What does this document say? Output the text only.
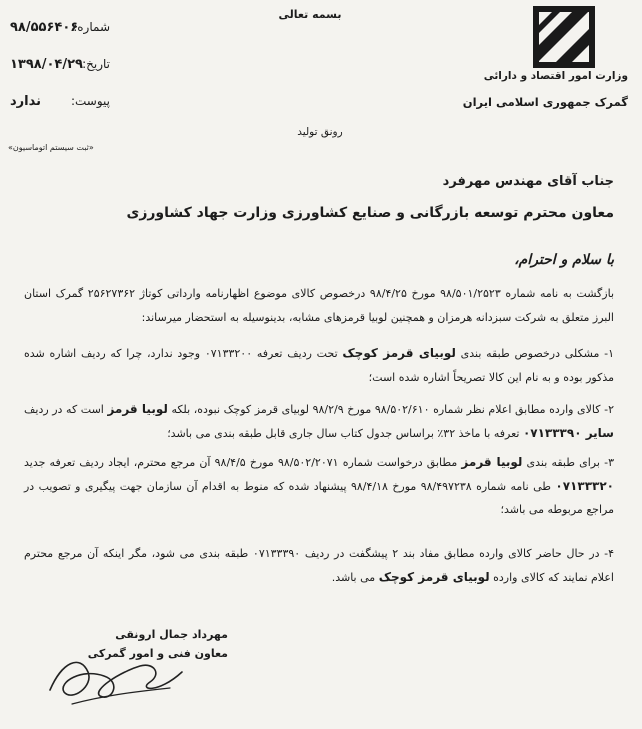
بسمه تعالی
وزارت امور اقتصاد و دارائی
گمرک جمهوری اسلامی ایران
شماره:
۹۸/۵۵۶۴۰۶
تاریخ:
۱۳۹۸/۰۴/۲۹
پیوست:
ندارد
«ثبت سیستم اتوماسیون»
رونق تولید
جناب آقای مهندس مهرفرد
معاون محترم توسعه بازرگانی و صنایع کشاورزی وزارت جهاد کشاورزی
با سلام و احترام،
بازگشت به نامه شماره ۹۸/۵۰۱/۲۵۲۳ مورخ ۹۸/۴/۲۵ درخصوص کالای موضوع اظهارنامه وارداتی کوتاژ ۲۵۶۲۷۳۶۲ گمرک استان البرز متعلق به شرکت سبزدانه هرمزان و همچنین لوبیا قرمزهای مشابه، بدینوسیله به استحضار میرساند:
۱- مشکلی درخصوص طبقه بندی لوبیای قرمز کوچک تحت ردیف تعرفه ۰۷۱۳۳۲۰۰ وجود ندارد، چرا که ردیف اشاره شده مذکور بوده و به نام این کالا تصریحاً اشاره شده است؛
۲- کالای وارده مطابق اعلام نظر شماره ۹۸/۵۰۲/۶۱۰ مورخ ۹۸/۲/۹ لوبیای قرمز کوچک نبوده، بلکه لوبیا قرمز است که در ردیف سایر ۰۷۱۳۳۳۹۰ تعرفه با ماخذ ۳۲٪ براساس جدول کتاب سال جاری قابل طبقه بندی می باشد؛
۳- برای طبقه بندی لوبیا قرمز مطابق درخواست شماره ۹۸/۵۰۲/۲۰۷۱ مورخ ۹۸/۴/۵ آن مرجع محترم، ایجاد ردیف تعرفه جدید ۰۷۱۳۳۳۲۰ طی نامه شماره ۹۸/۴۹۷۲۳۸ مورخ ۹۸/۴/۱۸ پیشنهاد شده که منوط به اقدام آن سازمان جهت پیگیری و تصویب در مراجع مربوطه می باشد؛
۴- در حال حاضر کالای وارده مطابق مفاد بند ۲ پیشگفت در ردیف ۰۷۱۳۳۳۹۰ طبقه بندی می شود، مگر اینکه آن مرجع محترم اعلام نمایند که کالای وارده لوبیای قرمز کوچک می باشد.
مهرداد جمال ارونقی
معاون فنی و امور گمرکی
